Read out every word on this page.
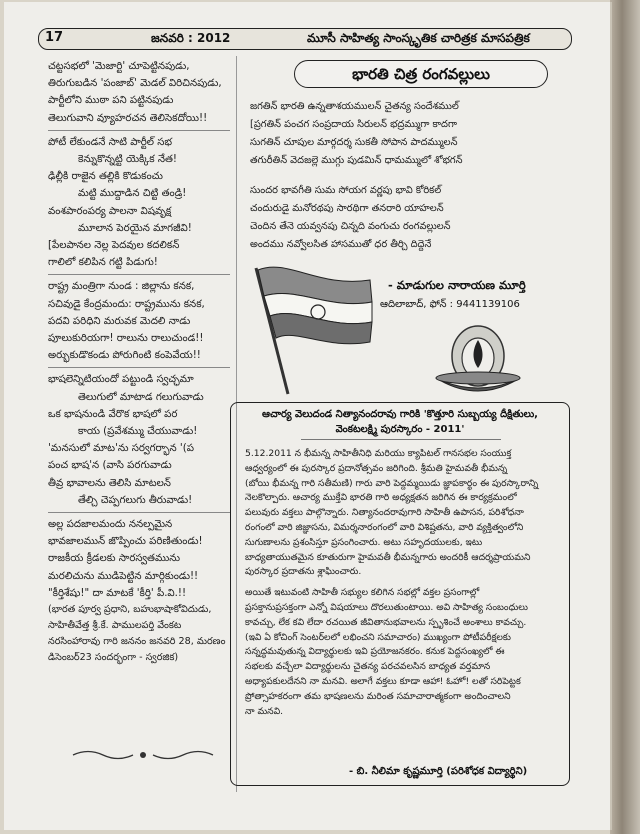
17	జనవరి : 2012	మూసీ సాహిత్య సాంస్కృతిక చారిత్రక మాసపత్రిక

చట్టసభలో 'మెజార్టి' చూపెట్టినపుడు,

తిరుగుబడిన 'పంజాబ్' మెడల్ విరిచినపుడు,

పార్టీలోని ముఠా పని పట్టినపుడు

తెలుగువాని వ్యూహరచన తెలిసెకదోయి!!

పోటీ లేకుండనే సాటి పార్టీల్ సభ

కెన్నుకొన్నట్టి యెక్కిక నేత!

ఢిల్లీకి రాజైన తల్లికి కొడుకంచు

మట్టి ముద్దాడిన చిట్టి తండ్రి!

వంశపారంపర్య పాలనా విషవృక్ష

మూలాన పెరయైన మాగజీవి!

[పేలపానల నెల్ల పెదవుల కదలికన్

గాలిలో కలిపిన గట్టి పిడుగు!

రాష్ట్ర మంత్రిగా నుండ : జిల్లాను కనక,

సచివుడై కేంద్రమందు: రాష్ట్రమును కనక,

పదవి పరిధిని మరువక మెదలి నాడు

పూలుకురియగా! రాలును రాలుచుండ!!

అర్భుకుడొకండు పోరుగింటి కంపెవేయ!!

భాషలెన్నిటియందో పట్టుండి స్వచ్ఛమా

తెలుగులో మాటాడ గలుగువాడు

ఒక భాషనుండి వేరొక భాషలో పర

కాయ (ప్రవేశమ్ము చేయువాడు!

'మనసులో మాట'ను సర్వగర్భాన '(ప

పంచ భాష'న (వాసి పరగువాడు

తీవ్ర భావాలను తెలిసి మాటలన్

తేల్చి చెప్పగలుగు తీరువాడు!

అల్ల పదజాలమందు ననల్పమైన

భావజాలమున్ జొప్పించు పరిణితుండు!

రాజకీయ క్రీడలకు సారస్వతమును

మరలిచును ముడిపెట్టిన మార్గికుండు!!

"కీర్తిశేషు!" దా మాటకే 'కీర్తి' పీ.వి.!!

(భారత పూర్వ ప్రధాని, బహుభాషాకోవిదుడు,

సాహితీవేత్త శ్రీ.కే. పాములపర్తి వేంకట

నరసింహారావు గారి జననం జనవరి 28, మరణం

డిసెంబర్23 సందర్భంగా - స్వరజిక)

భారతి చిత్ర రంగవల్లులు

జగతిన్ భారతి ఉన్నతాశయములన్ చైతన్య సందేశముల్

[ప్రగతిన్ పంచగ సంప్రదాయ సిరులన్ భద్రమ్ముగా కాదగా

సుగతిన్ చూపుల మార్గదర్శ సుకతీ సోపాన పాదమ్ములన్

తగురీతిన్ వెదజల్లె ముగ్గు పుడమిన్ ధామమ్ములో శోభగన్

సుందర భావగీతి సుమ సోయగ వర్ణపు భావి కోరికల్

చందురుడై మనోరథపు సారథిగా తనరారి యాహలన్

చెందిన తేనె యవ్వనపు చిన్నది వంగుచు రంగవల్లులన్

అందము నవ్వోలసిత హాసముతో ధర తీర్చి దిద్దెనే

- మాడుగుల నారాయణ మూర్తి
ఆదిలాబాద్, ఫోన్ : 9441139106
ఆచార్య వెలుదండ నిత్యానందరావు గారికి 'కొత్తూరి సుబ్బయ్య దీక్షితులు,
వెంకటలక్ష్మి పురస్కారం - 2011'

5.12.2011 న భీమన్న సాహితీనిధి మరియు క్యాపిటల్ గానసభల సంయుక్త

ఆధ్వర్యంలో ఈ పురస్కార ప్రదానోత్సవం జరిగింది. శ్రీమతి హైమవతీ భీమన్న

(బోయి భీమన్న గారి సతీమణి) గారు వారి పెద్దమ్మయిడు జ్ఞాపకార్థం ఈ పురస్కారాన్ని

నెలకొల్పారు. ఆచార్య ముక్తేవి భారతి గారి అధ్యక్షతన జరిగిన ఈ కార్యక్రమంలో

పలువురు వక్తలు పాల్గొన్నారు. నిత్యానందరావుగారి సాహితీ ఉపాసన, పరిశోధనా

రంగంలో వారి జిజ్ఞాసను, విమర్శనారంగంలో వారి విశిష్టతను, వారి వ్యక్తిత్వంలోని

సుగుణాలను ప్రశంసిస్తూ ప్రసంగించారు. అటు సహృదయులకు, ఇటు

బాధ్యతాయుతమైన కూతురుగా హైమవతీ భీమన్నగారు అందరికీ ఆదర్శప్రాయమని

పురస్కార ప్రదాతను శ్లాఘించారు.

అయితే ఇటువంటి సాహితీ సభ్యుల కలిగిన సభల్లో వక్తల ప్రసంగాల్లో

ప్రసక్తానుప్రసక్తంగా ఎన్నో విషయాలు దొరలుతుంటాయి. అవి సాహిత్య సంబంధులు

కావచ్చు, లేక కవి లేదా రచయిత జీవితానుభవాలను స్పృశించే అంశాలు కావచ్చు.

(ఇవి ఏ కోచింగ్ సెంటర్‌లలో లభించని సమాచారం) ముఖ్యంగా పోటీపరీక్షలకు

సన్నద్ధమవుతున్న విద్యార్థులకు ఇవి ప్రయోజనకరం. కనుక పెద్దసంఖ్యలో ఈ

సభలకు వచ్చేలా విద్యార్థులను చైతన్య పరచవలసిన బాధ్యత వర్తమాన

అధ్యాపకులదేనని నా మనవి. అలాగే వక్తలు కూడా ఆహా! ఓహో! లతో సరిపెట్టక

ప్రోత్సాహకరంగా తమ భాషణలను మరింత సమాచారాత్మకంగా అందించాలని

నా మనవి.

- బి. నీలిమా కృష్ణమూర్తి (పరిశోధక విద్యార్థిని)
